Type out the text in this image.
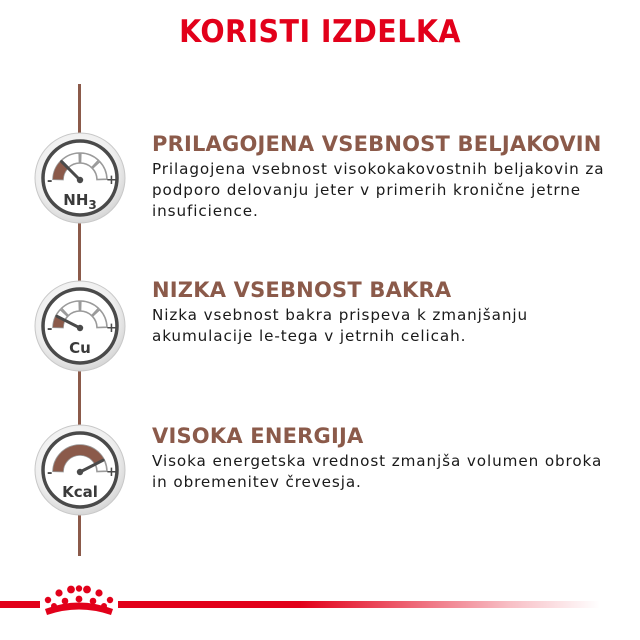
KORISTI IZDELKA
-	+
$NH_3$
PRILAGOJENA VSEBNOST BELJAKOVIN
Prilagojena vsebnost visokokakovostnih beljakovin za podporo delovanju jeter v primerih kronične jetrne insuficience.
-	+
Cu
NIZKA VSEBNOST BAKRA
Nizka vsebnost bakra prispeva k zmanjšanju akumulacije le-tega v jetrnih celicah.
-	+
Kcal
VISOKA ENERGIJA
Visoka energetska vrednost zmanjša volumen obroka in obremenitev črevesja.
